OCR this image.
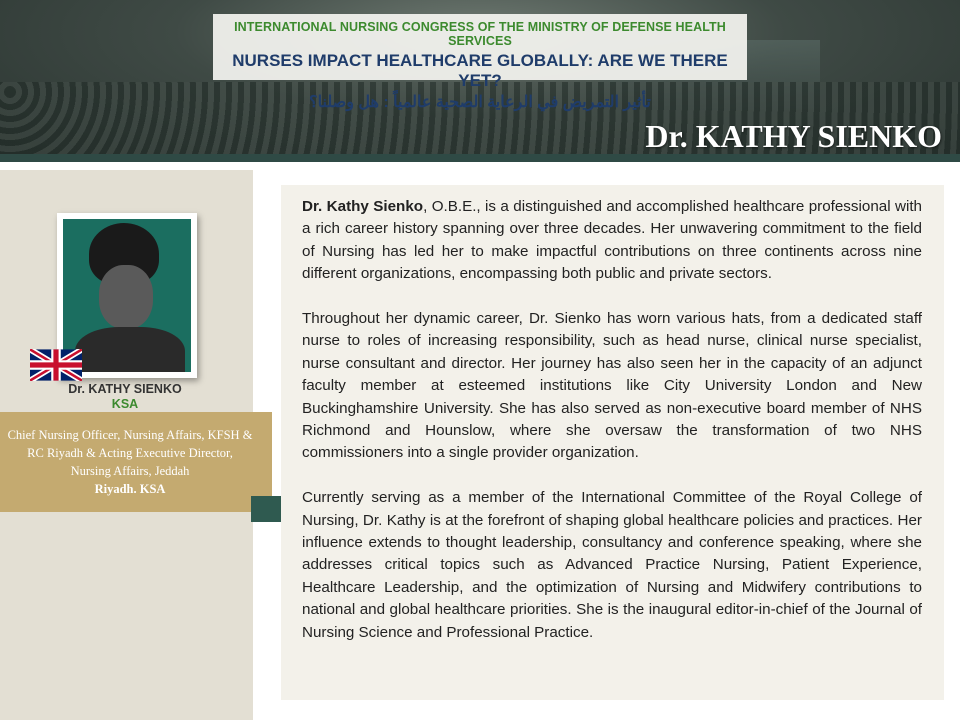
INTERNATIONAL NURSING CONGRESS OF THE MINISTRY OF DEFENSE HEALTH SERVICES
NURSES IMPACT HEALTHCARE GLOBALLY: ARE WE THERE YET?
تأثير التمريض في الرعاية الصحية عالمياً : هل وصلنا؟
Dr. KATHY SIENKO
Dr. KATHY SIENKO
KSA
Chief Nursing Officer, Nursing Affairs, KFSH & RC Riyadh & Acting Executive Director, Nursing Affairs, Jeddah
Riyadh. KSA

Dr. Kathy Sienko, O.B.E., is a distinguished and accomplished healthcare professional with a rich career history spanning over three decades. Her unwavering commitment to the field of Nursing has led her to make impactful contributions on three continents across nine different organizations, encompassing both public and private sectors.

Throughout her dynamic career, Dr. Sienko has worn various hats, from a dedicated staff nurse to roles of increasing responsibility, such as head nurse, clinical nurse specialist, nurse consultant and director. Her journey has also seen her in the capacity of an adjunct faculty member at esteemed institutions like City University London and New Buckinghamshire University. She has also served as non-executive board member of NHS Richmond and Hounslow, where she oversaw the transformation of two NHS commissioners into a single provider organization.

Currently serving as a member of the International Committee of the Royal College of Nursing, Dr. Kathy is at the forefront of shaping global healthcare policies and practices. Her influence extends to thought leadership, consultancy and conference speaking, where she addresses critical topics such as Advanced Practice Nursing, Patient Experience, Healthcare Leadership, and the optimization of Nursing and Midwifery contributions to national and global healthcare priorities. She is the inaugural editor-in-chief of the Journal of Nursing Science and Professional Practice.
